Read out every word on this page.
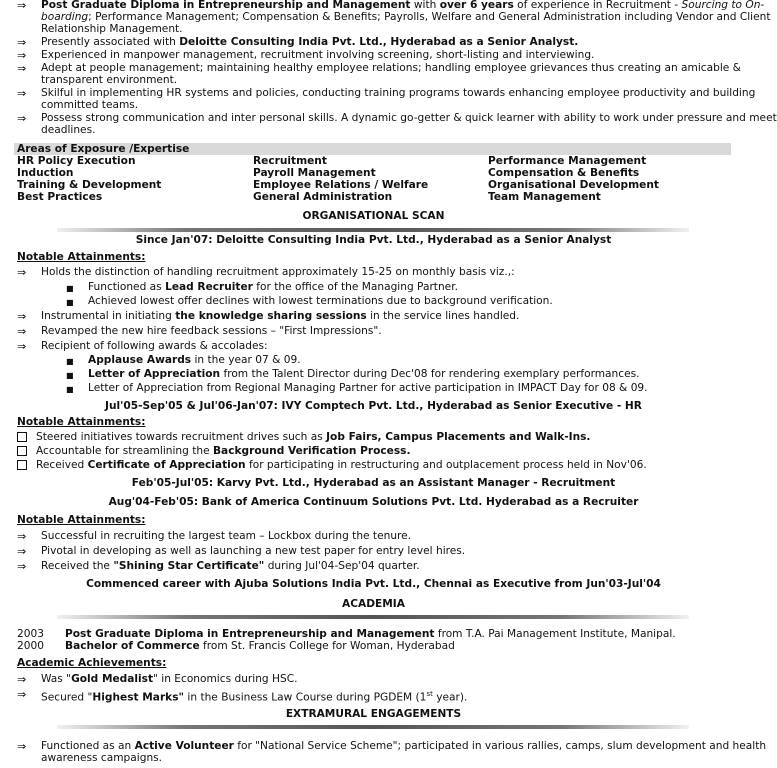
⇒ Post Graduate Diploma in Entrepreneurship and Management with over 6 years of experience in Recruitment - Sourcing to On-
boarding; Performance Management; Compensation & Benefits; Payrolls, Welfare and General Administration including Vendor and Client
Relationship Management.
⇒ Presently associated with Deloitte Consulting India Pvt. Ltd., Hyderabad as a Senior Analyst.
⇒ Experienced in manpower management, recruitment involving screening, short-listing and interviewing.
⇒ Adept at people management; maintaining healthy employee relations; handling employee grievances thus creating an amicable &
transparent environment.
⇒ Skilful in implementing HR systems and policies, conducting training programs towards enhancing employee productivity and building
committed teams.
⇒ Possess strong communication and inter personal skills. A dynamic go-getter & quick learner with ability to work under pressure and meet
deadlines.
Areas of Exposure /Expertise
HR Policy Execution
Induction
Training & Development
Best Practices
Recruitment
Payroll Management
Employee Relations / Welfare
General Administration
Performance Management
Compensation & Benefits
Organisational Development
Team Management
ORGANISATIONAL SCAN
Since Jan'07: Deloitte Consulting India Pvt. Ltd., Hyderabad as a Senior Analyst
Notable Attainments:
⇒ Holds the distinction of handling recruitment approximately 15-25 on monthly basis viz.,:
■ Functioned as Lead Recruiter for the office of the Managing Partner.
■ Achieved lowest offer declines with lowest terminations due to background verification.
⇒ Instrumental in initiating the knowledge sharing sessions in the service lines handled.
⇒ Revamped the new hire feedback sessions – "First Impressions".
⇒ Recipient of following awards & accolades:
■ Applause Awards in the year 07 & 09.
■ Letter of Appreciation from the Talent Director during Dec'08 for rendering exemplary performances.
■ Letter of Appreciation from Regional Managing Partner for active participation in IMPACT Day for 08 & 09.
Jul'05-Sep'05 & Jul'06-Jan'07: IVY Comptech Pvt. Ltd., Hyderabad as Senior Executive - HR
Notable Attainments:
Steered initiatives towards recruitment drives such as Job Fairs, Campus Placements and Walk-Ins.
Accountable for streamlining the Background Verification Process.
Received Certificate of Appreciation for participating in restructuring and outplacement process held in Nov'06.
Feb'05-Jul'05: Karvy Pvt. Ltd., Hyderabad as an Assistant Manager - Recruitment
Aug'04-Feb'05: Bank of America Continuum Solutions Pvt. Ltd. Hyderabad as a Recruiter
Notable Attainments:
⇒ Successful in recruiting the largest team – Lockbox during the tenure.
⇒ Pivotal in developing as well as launching a new test paper for entry level hires.
⇒ Received the "Shining Star Certificate" during Jul'04-Sep'04 quarter.
Commenced career with Ajuba Solutions India Pvt. Ltd., Chennai as Executive from Jun'03-Jul'04
ACADEMIA
2003 Post Graduate Diploma in Entrepreneurship and Management from T.A. Pai Management Institute, Manipal.
2000 Bachelor of Commerce from St. Francis College for Woman, Hyderabad
Academic Achievements:
⇒ Was "Gold Medalist" in Economics during HSC.
⇒ Secured "Highest Marks" in the Business Law Course during PGDEM (1st year).
EXTRAMURAL ENGAGEMENTS
⇒ Functioned as an Active Volunteer for "National Service Scheme"; participated in various rallies, camps, slum development and health
awareness campaigns.
